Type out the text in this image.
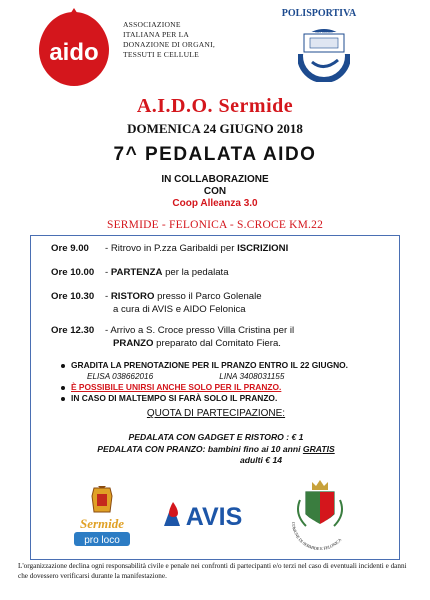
aido
ASSOCIAZIONE
ITALIANA PER LA
DONAZIONE DI ORGANI,
TESSUTI E CELLULE
POLISPORTIVA
SERMIDE
A.I.D.O. Sermide
DOMENICA 24 GIUGNO 2018
7^ PEDALATA AIDO
IN COLLABORAZIONE
CON
Coop Alleanza 3.0
SERMIDE - FELONICA - S.CROCE KM.22
Ore 9.00	- Ritrovo in P.zza Garibaldi per ISCRIZIONI
Ore 10.00	- PARTENZA per la pedalata
Ore 10.30	- RISTORO presso il Parco Golenale
a cura di AVIS e AIDO Felonica
Ore 12.30	- Arrivo a S. Croce presso Villa Cristina per il
PRANZO preparato dal Comitato Fiera.
GRADITA LA PRENOTAZIONE PER IL PRANZO ENTRO IL 22 GIUGNO.
ELISA 038662016	LINA 3408031155
È POSSIBILE UNIRSI ANCHE SOLO PER IL PRANZO.
IN CASO DI MALTEMPO SI FARÀ SOLO IL PRANZO.
QUOTA DI PARTECIPAZIONE:
PEDALATA CON GADGET E RISTORO : € 1
PEDALATA CON PRANZO: bambini fino ai 10 anni GRATIS
adulti € 14
Sermide
pro loco
AVIS	COMUNE DI SERMIDE E FELONICA
L'organizzazione declina ogni responsabilità civile e penale nei confronti di partecipanti e/o terzi nel caso di eventuali incidenti e danni che dovessero verificarsi durante la manifestazione.
